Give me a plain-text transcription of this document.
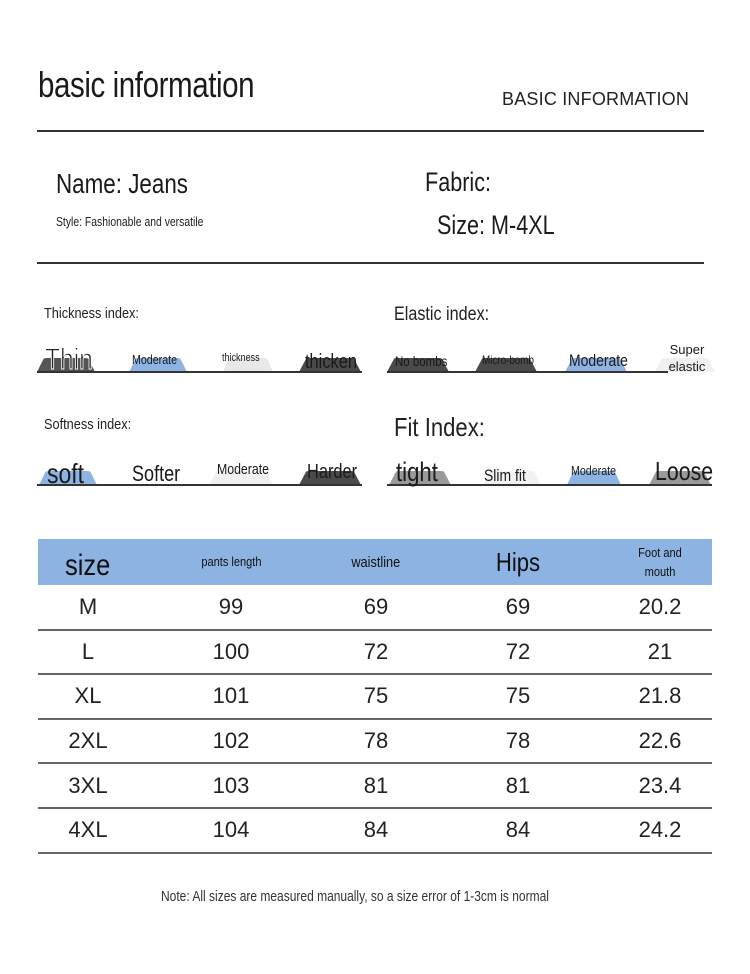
basic information	BASIC INFORMATION
Name: Jeans
Style: Fashionable and versatile
Fabric:
Size: M-4XL
Thickness index:
Thin	Moderate	thickness	thicken
Elastic index:
No bombs	Micro-bomb	Moderate
Super elastic
Softness index:
soft	Softer	Moderate	Harder
Fit Index:
tight	Slim fit	Moderate	Loose
size	pants length	waistline	Hips	Foot and mouth
M	99	69	69	20.2
L	100	72	72	21
XL	101	75	75	21.8
2XL	102	78	78	22.6
3XL	103	81	81	23.4
4XL	104	84	84	24.2
Note: All sizes are measured manually, so a size error of 1-3cm is normal
